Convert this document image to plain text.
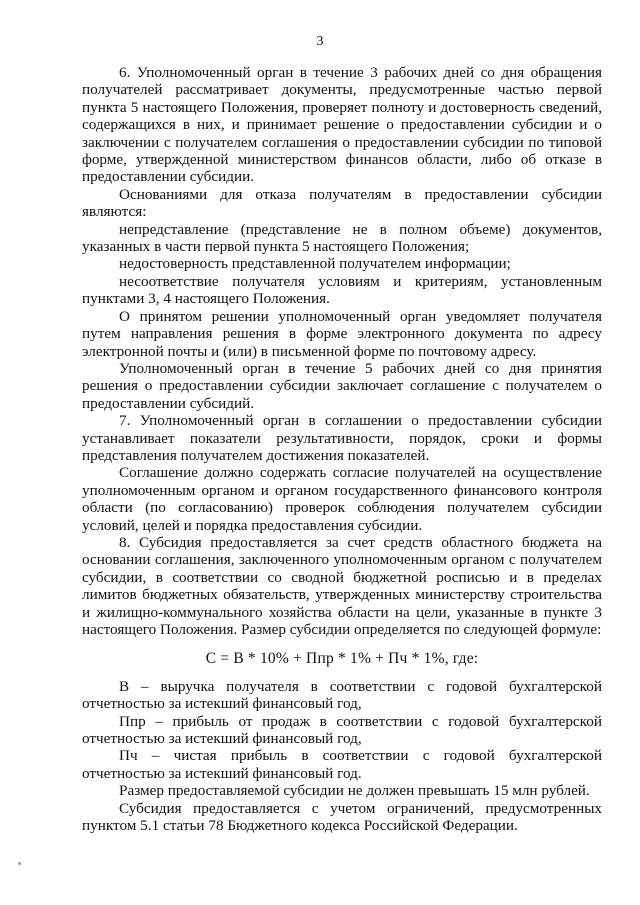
3

6. Уполномоченный орган в течение 3 рабочих дней со дня обращения получателей рассматривает документы, предусмотренные частью первой пункта 5 настоящего Положения, проверяет полноту и достоверность сведений, содержащихся в них, и принимает решение о предоставлении субсидии и о заключении с получателем соглашения о предоставлении субсидии по типовой форме, утвержденной министерством финансов области, либо об отказе в предоставлении субсидии.

Основаниями для отказа получателям в предоставлении субсидии являются:

непредставление (представление не в полном объеме) документов, указанных в части первой пункта 5 настоящего Положения;

недостоверность представленной получателем информации;

несоответствие получателя условиям и критериям, установленным пунктами 3, 4 настоящего Положения.

О принятом решении уполномоченный орган уведомляет получателя путем направления решения в форме электронного документа по адресу электронной почты и (или) в письменной форме по почтовому адресу.

Уполномоченный орган в течение 5 рабочих дней со дня принятия решения о предоставлении субсидии заключает соглашение с получателем о предоставлении субсидий.

7. Уполномоченный орган в соглашении о предоставлении субсидии устанавливает показатели результативности, порядок, сроки и формы представления получателем достижения показателей.

Соглашение должно содержать согласие получателей на осуществление уполномоченным органом и органом государственного финансового контроля области (по согласованию) проверок соблюдения получателем субсидии условий, целей и порядка предоставления субсидии.

8. Субсидия предоставляется за счет средств областного бюджета на основании соглашения, заключенного уполномоченным органом с получателем субсидии, в соответствии со сводной бюджетной росписью и в пределах лимитов бюджетных обязательств, утвержденных министерству строительства и жилищно-коммунального хозяйства области на цели, указанные в пункте 3 настоящего Положения. Размер субсидии определяется по следующей формуле:

С = В * 10% + Ппр * 1% + Пч * 1%, где:

В – выручка получателя в соответствии с годовой бухгалтерской отчетностью за истекший финансовый год,

Ппр – прибыль от продаж в соответствии с годовой бухгалтерской отчетностью за истекший финансовый год,

Пч – чистая прибыль в соответствии с годовой бухгалтерской отчетностью за истекший финансовый год.

Размер предоставляемой субсидии не должен превышать 15 млн рублей.

Субсидия предоставляется с учетом ограничений, предусмотренных пунктом 5.1 статьи 78 Бюджетного кодекса Российской Федерации.
